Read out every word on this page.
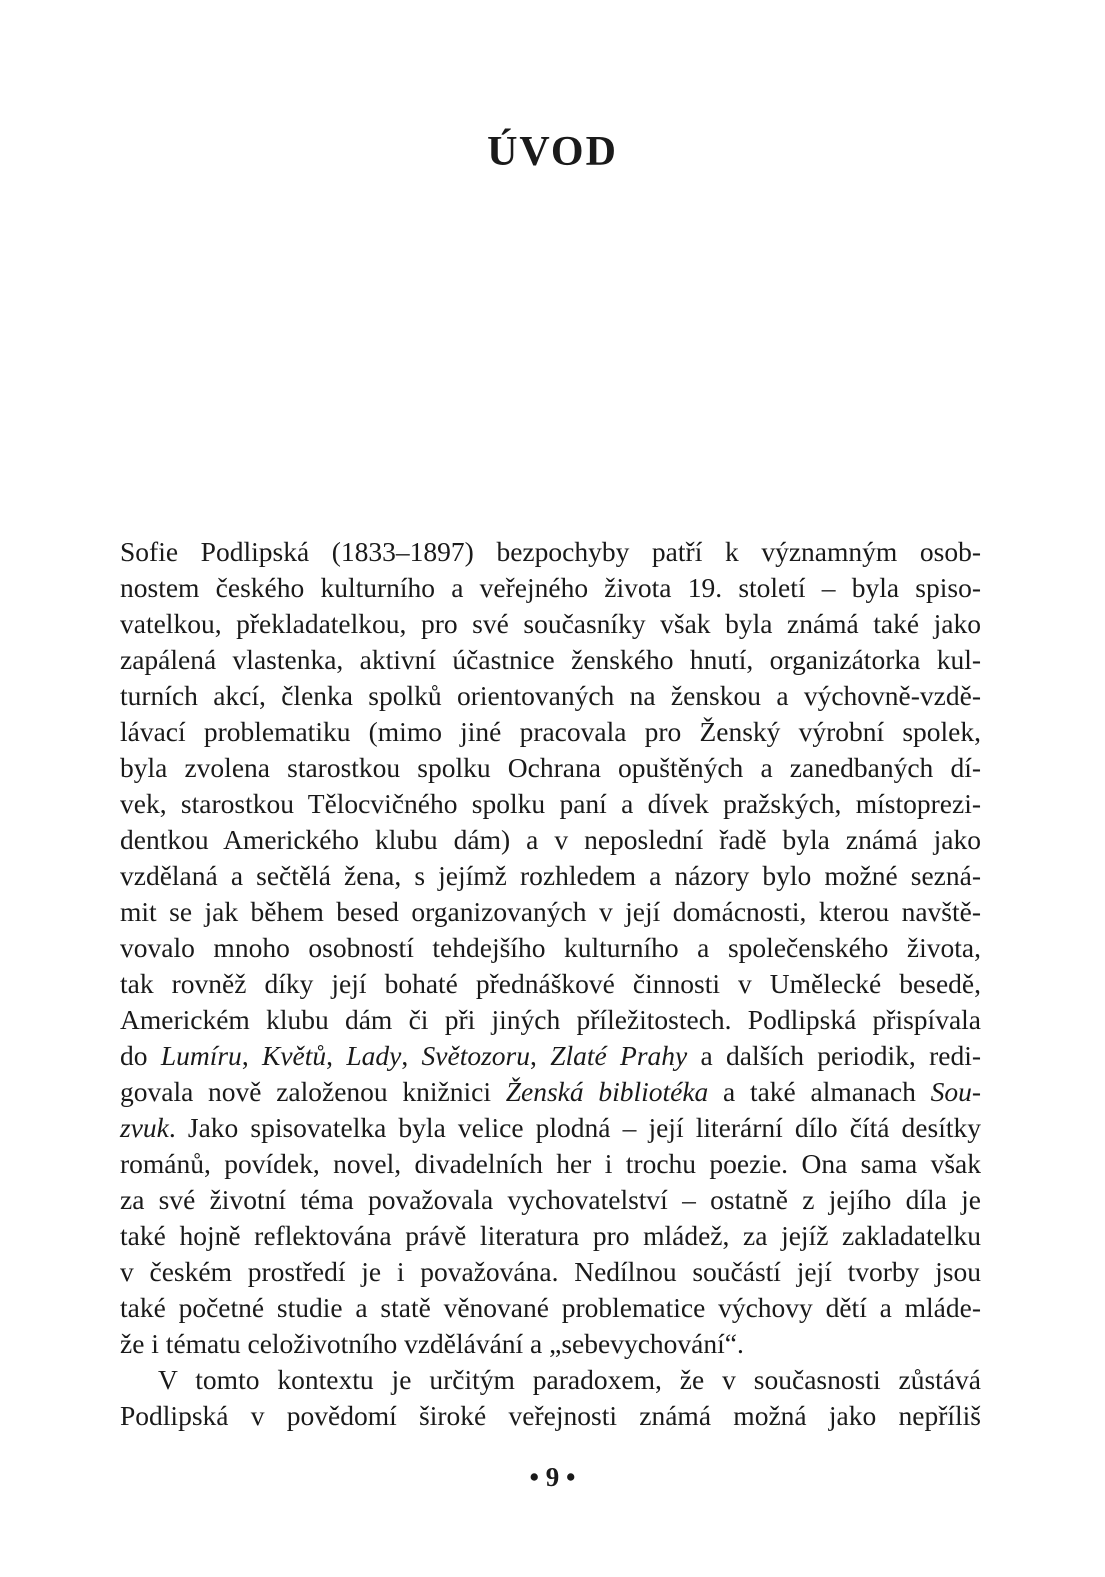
ÚVOD
Sofie Podlipská (1833–1897) bezpochyby patří k významným osob-
nostem českého kulturního a veřejného života 19. století – byla spiso-
vatelkou, překladatelkou, pro své současníky však byla známá také jako
zapálená vlastenka, aktivní účastnice ženského hnutí, organizátorka kul-
turních akcí, členka spolků orientovaných na ženskou a výchovně-vzdě-
lávací problematiku (mimo jiné pracovala pro Ženský výrobní spolek,
byla zvolena starostkou spolku Ochrana opuštěných a zanedbaných dí-
vek, starostkou Tělocvičného spolku paní a dívek pražských, místoprezi-
dentkou Amerického klubu dám) a v neposlední řadě byla známá jako
vzdělaná a sečtělá žena, s jejímž rozhledem a názory bylo možné sezná-
mit se jak během besed organizovaných v její domácnosti, kterou navště-
vovalo mnoho osobností tehdejšího kulturního a společenského života,
tak rovněž díky její bohaté přednáškové činnosti v Umělecké besedě,
Americkém klubu dám či při jiných příležitostech. Podlipská přispívala
do Lumíru, Květů, Lady, Světozoru, Zlaté Prahy a dalších periodik, redi-
govala nově založenou knižnici Ženská bibliotéka a také almanach Sou-
zvuk. Jako spisovatelka byla velice plodná – její literární dílo čítá desítky
románů, povídek, novel, divadelních her i trochu poezie. Ona sama však
za své životní téma považovala vychovatelství – ostatně z jejího díla je
také hojně reflektována právě literatura pro mládež, za jejíž zakladatelku
v českém prostředí je i považována. Nedílnou součástí její tvorby jsou
také početné studie a statě věnované problematice výchovy dětí a mláde-
že i tématu celoživotního vzdělávání a „sebevychování“.
V tomto kontextu je určitým paradoxem, že v současnosti zůstává
Podlipská v povědomí široké veřejnosti známá možná jako nepříliš
• 9 •
